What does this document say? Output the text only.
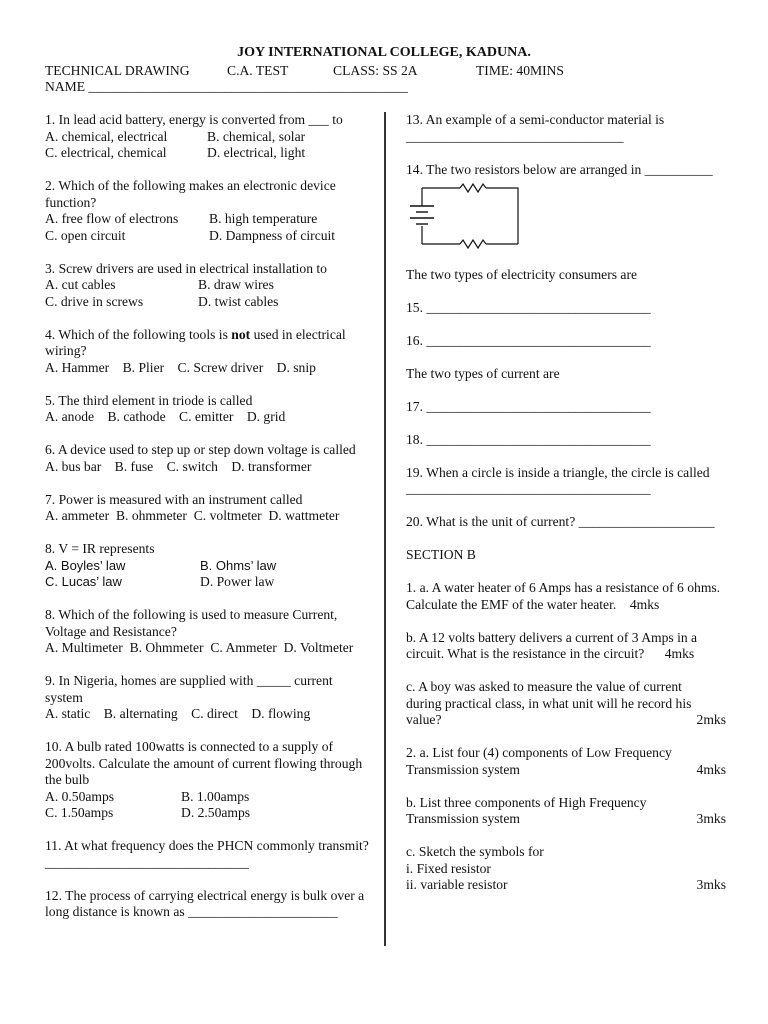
JOY INTERNATIONAL COLLEGE, KADUNA.
TECHNICAL DRAWING	C.A. TEST	CLASS: SS 2A	TIME: 40MINS
NAME _______________________________________________

1. In lead acid battery, energy is converted from ___ to

A. chemical, electrical	B. chemical, solar
C. electrical, chemical	D. electrical, light

2. Which of the following makes an electronic device function?

A. free flow of electrons	B. high temperature
C. open circuit	D. Dampness of circuit

3. Screw drivers are used in electrical installation to

A. cut cables	B. draw wires
C. drive in screws	D. twist cables

4. Which of the following tools is not used in electrical wiring?

A. Hammer B. Plier C. Screw driver D. snip

5. The third element in triode is called

A. anode B. cathode C. emitter D. grid

6. A device used to step up or step down voltage is called

A. bus bar B. fuse C. switch D. transformer

7. Power is measured with an instrument called

A. ammeter  B. ohmmeter  C. voltmeter  D. wattmeter

8. V = IR represents

A. Boyles’ law	B. Ohms’ law
C. Lucas’ law	D. Power law

8. Which of the following is used to measure Current, Voltage and Resistance?

A. Multimeter  B. Ohmmeter  C. Ammeter  D. Voltmeter

9. In Nigeria, homes are supplied with _____ current system

A. static B. alternating C. direct D. flowing

10. A bulb rated 100watts is connected to a supply of 200volts. Calculate the amount of current flowing through the bulb

A. 0.50amps	B. 1.00amps
C. 1.50amps	D. 2.50amps

11. At what frequency does the PHCN commonly transmit? ______________________________

12. The process of carrying electrical energy is bulk over a long distance is known as ______________________

13. An example of a semi-conductor material is

________________________________

14. The two resistors below are arranged in __________

The two types of electricity consumers are

15. _________________________________

16. _________________________________

The two types of current are

17. _________________________________

18. _________________________________

19. When a circle is inside a triangle, the circle is called

____________________________________

20. What is the unit of current? ____________________

SECTION B

1. a. A water heater of 6 Amps has a resistance of 6 ohms. Calculate the EMF of the water heater. 4mks

b. A 12 volts battery delivers a current of 3 Amps in a circuit. What is the resistance in the circuit? 4mks

c. A boy was asked to measure the value of current during practical class, in what unit will he record his value?	2mks

2. a. List four (4) components of Low Frequency

Transmission system	4mks

b. List three components of High Frequency

Transmission system	3mks

c. Sketch the symbols for

i. Fixed resistor

ii. variable resistor	3mks
